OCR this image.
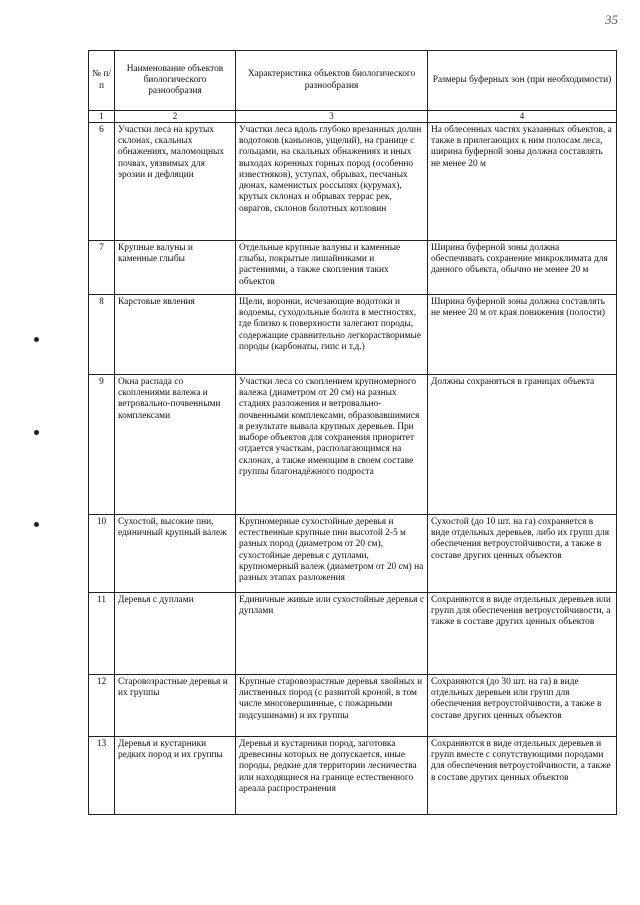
35
№ п/п	Наименование объектов биологического разнообразия	Характеристика объектов биологического разнообразия	Размеры буферных зон (при необходимости)
1	2	3	4
6	Участки леса на крутых склонах, скальных обнажениях, маломощных почвах, уязвимых для эрозии и дефляции	Участки леса вдоль глубоко врезанных долин водотоков (каньонов, ущелий), на границе с гольцами, на скальных обнажениях и иных выходах коренных горных пород (особенно известняков), уступах, обрывах, песчаных дюнах, каменистых россыпях (курумах), крутых склонах и обрывах террас рек, оврагов, склонов болотных котловин	На облесенных частях указанных объектов, а также в прилегающих к ним полосам леса, ширина буферной зоны должна составлять не менее 20 м
7	Крупные валуны и каменные глыбы	Отдельные крупные валуны и каменные глыбы, покрытые лишайниками и растениями, а также скопления таких объектов	Ширина буферной зоны должна обеспечивать сохранение микроклимата для данного объекта, обычно не менее 20 м
8	Карстовые явления	Щели, воронки, исчезающие водотоки и водоемы, суходольные болота в местностях, где близко к поверхности залегают породы, содержащие сравнительно легкорастворимые породы (карбонаты, гипс и т.д.)	Ширина буферной зоны должна составлять не менее 20 м от края понижения (полости)
9	Окна распада со скоплениями валежа и ветровально-почвенными комплексами	Участки леса со скоплением крупномерного валежа (диаметром от 20 см) на разных стадиях разложения и ветровально-почвенными комплексами, образовавшимися в результате вывала крупных деревьев. При выборе объектов для сохранения приоритет отдается участкам, располагающимся на склонах, а также имеющим в своем составе группы благонадёжного подроста	Должны сохраняться в границах объекта
10	Сухостой, высокие пни, единичный крупный валеж	Крупномерные сухостойные деревья и естественные крупные пни высотой 2-5 м разных пород (диаметром от 20 см), сухостойные деревья с дуплами, крупномерный валеж (диаметром от 20 см) на разных этапах разложения	Сухостой (до 10 шт. на га) сохраняется в виде отдельных деревьев, либо их групп для обеспечения ветроустойчивости, а также в составе других ценных объектов
11	Деревья с дуплами	Единичные живые или сухостойные деревья с дуплами	Сохраняются в виде отдельных деревьев или групп для обеспечения ветроустойчивости, а также в составе других ценных объектов
12	Старовозрастные деревья и их группы	Крупные старовозрастные деревья хвойных и лиственных пород (с развитой кроной, в том числе многовершинные, с пожарными подсушинами) и их группы	Сохраняются (до 30 шт. на га) в виде отдельных деревьев или групп для обеспечения ветроустойчивости, а также в составе других ценных объектов
13	Деревья и кустарники редких пород и их группы	Деревья и кустарники пород, заготовка древесины которых не допускается, иные породы, редкие для территории лесничества или находящиеся на границе естественного ареала распространения	Сохраняются в виде отдельных деревьев и групп вместе с сопутствующими породами для обеспечения ветроустойчивости, а также в составе других ценных объектов
